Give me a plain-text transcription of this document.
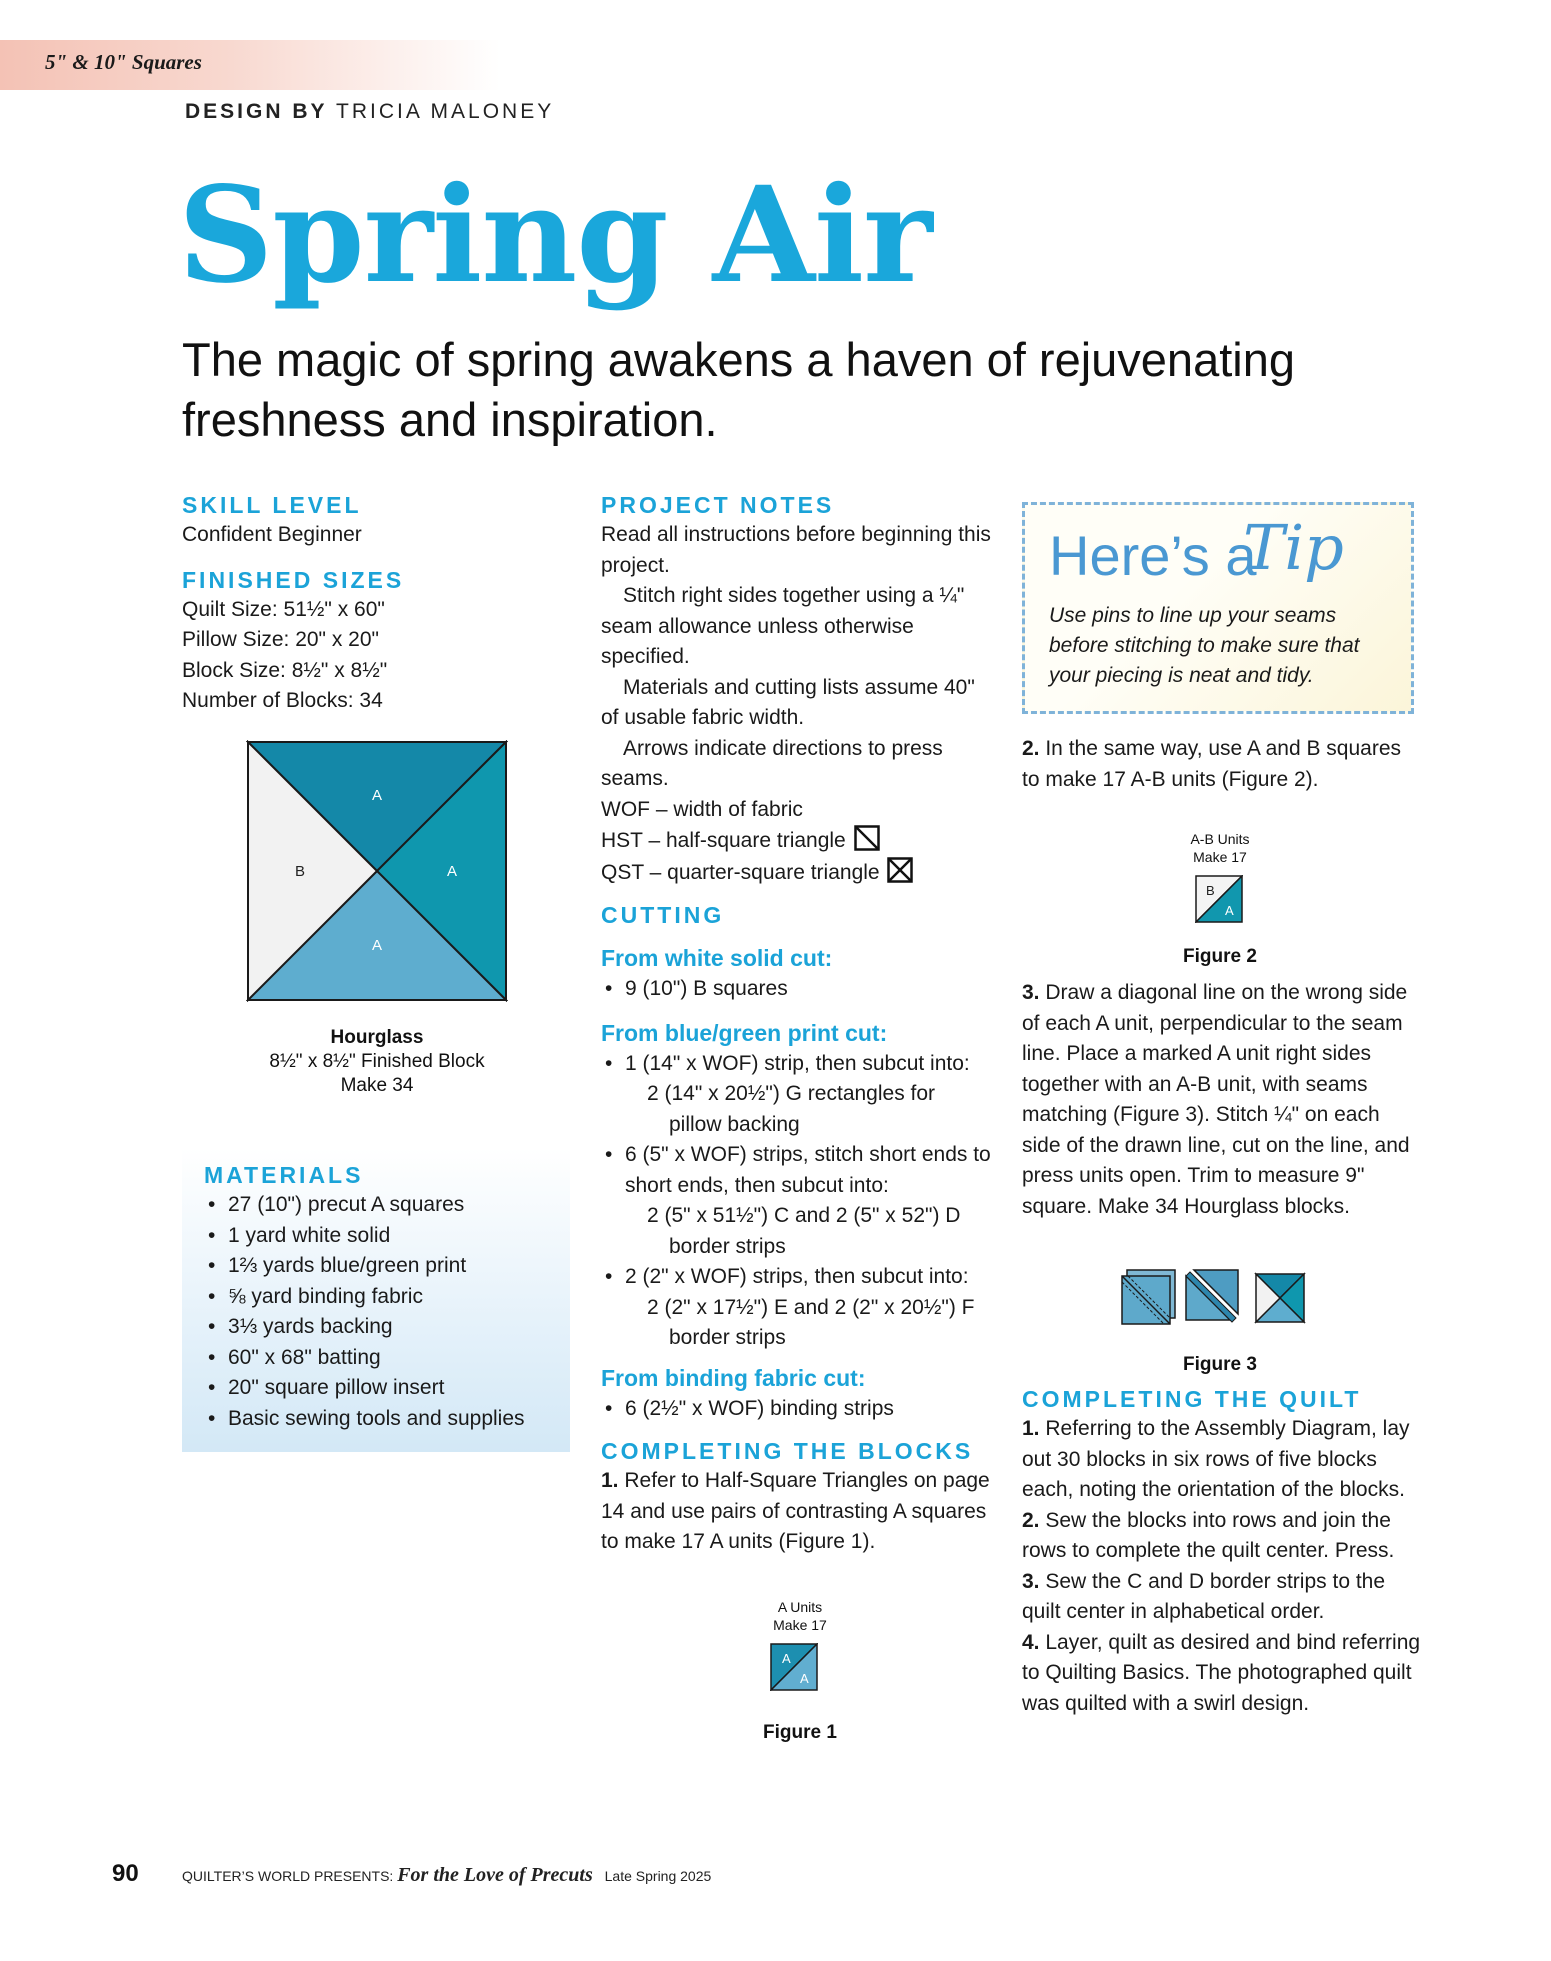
5" & 10" Squares
DESIGN BY TRICIA MALONEY
Spring Air
The magic of spring awakens a haven of rejuvenating freshness and inspiration.
SKILL LEVEL

Confident Beginner

FINISHED SIZES

Quilt Size: 51½" x 60"

Pillow Size: 20" x 20"

Block Size: 8½" x 8½"

Number of Blocks: 34

A
B	A
A
Hourglass
8½" x 8½" Finished Block
Make 34
MATERIALS
• 27 (10") precut A squares
• 1 yard white solid
• 1⅔ yards blue/green print
• ⅝ yard binding fabric
• 3⅓ yards backing
• 60" x 68" batting
• 20" square pillow insert
• Basic sewing tools and supplies
PROJECT NOTES

Read all instructions before beginning this project.

Stitch right sides together using a ¼" seam allowance unless otherwise specified.

Materials and cutting lists assume 40" of usable fabric width.

Arrows indicate directions to press seams.

WOF – width of fabric

HST – half-square triangle

QST – quarter-square triangle

CUTTING
From white solid cut:
• 9 (10") B squares
From blue/green print cut:
• 1 (14" x WOF) strip, then subcut into:
2 (14" x 20½") G rectangles for pillow backing
• 6 (5" x WOF) strips, stitch short ends to short ends, then subcut into:
2 (5" x 51½") C and 2 (5" x 52") D border strips
• 2 (2" x WOF) strips, then subcut into:
2 (2" x 17½") E and 2 (2" x 20½") F border strips
From binding fabric cut:
• 6 (2½" x WOF) binding strips
COMPLETING THE BLOCKS

1. Refer to Half-Square Triangles on page 14 and use pairs of contrasting A squares to make 17 A units (Figure 1).

A Units
Make 17
A
A
Figure 1
Here’s a
Tip
Use pins to line up your seams before stitching to make sure that your piecing is neat and tidy.

2. In the same way, use A and B squares to make 17 A-B units (Figure 2).

A-B Units
Make 17
B
A
Figure 2

3. Draw a diagonal line on the wrong side of each A unit, perpendicular to the seam line. Place a marked A unit right sides together with an A-B unit, with seams matching (Figure 3). Stitch ¼" on each side of the drawn line, cut on the line, and press units open. Trim to measure 9" square. Make 34 Hourglass blocks.

Figure 3
COMPLETING THE QUILT

1. Referring to the Assembly Diagram, lay out 30 blocks in six rows of five blocks each, noting the orientation of the blocks.

2. Sew the blocks into rows and join the rows to complete the quilt center. Press.

3. Sew the C and D border strips to the quilt center in alphabetical order.

4. Layer, quilt as desired and bind referring to Quilting Basics. The photographed quilt was quilted with a swirl design.

90	QUILTER’S WORLD PRESENTS: For the Love of Precuts Late Spring 2025
